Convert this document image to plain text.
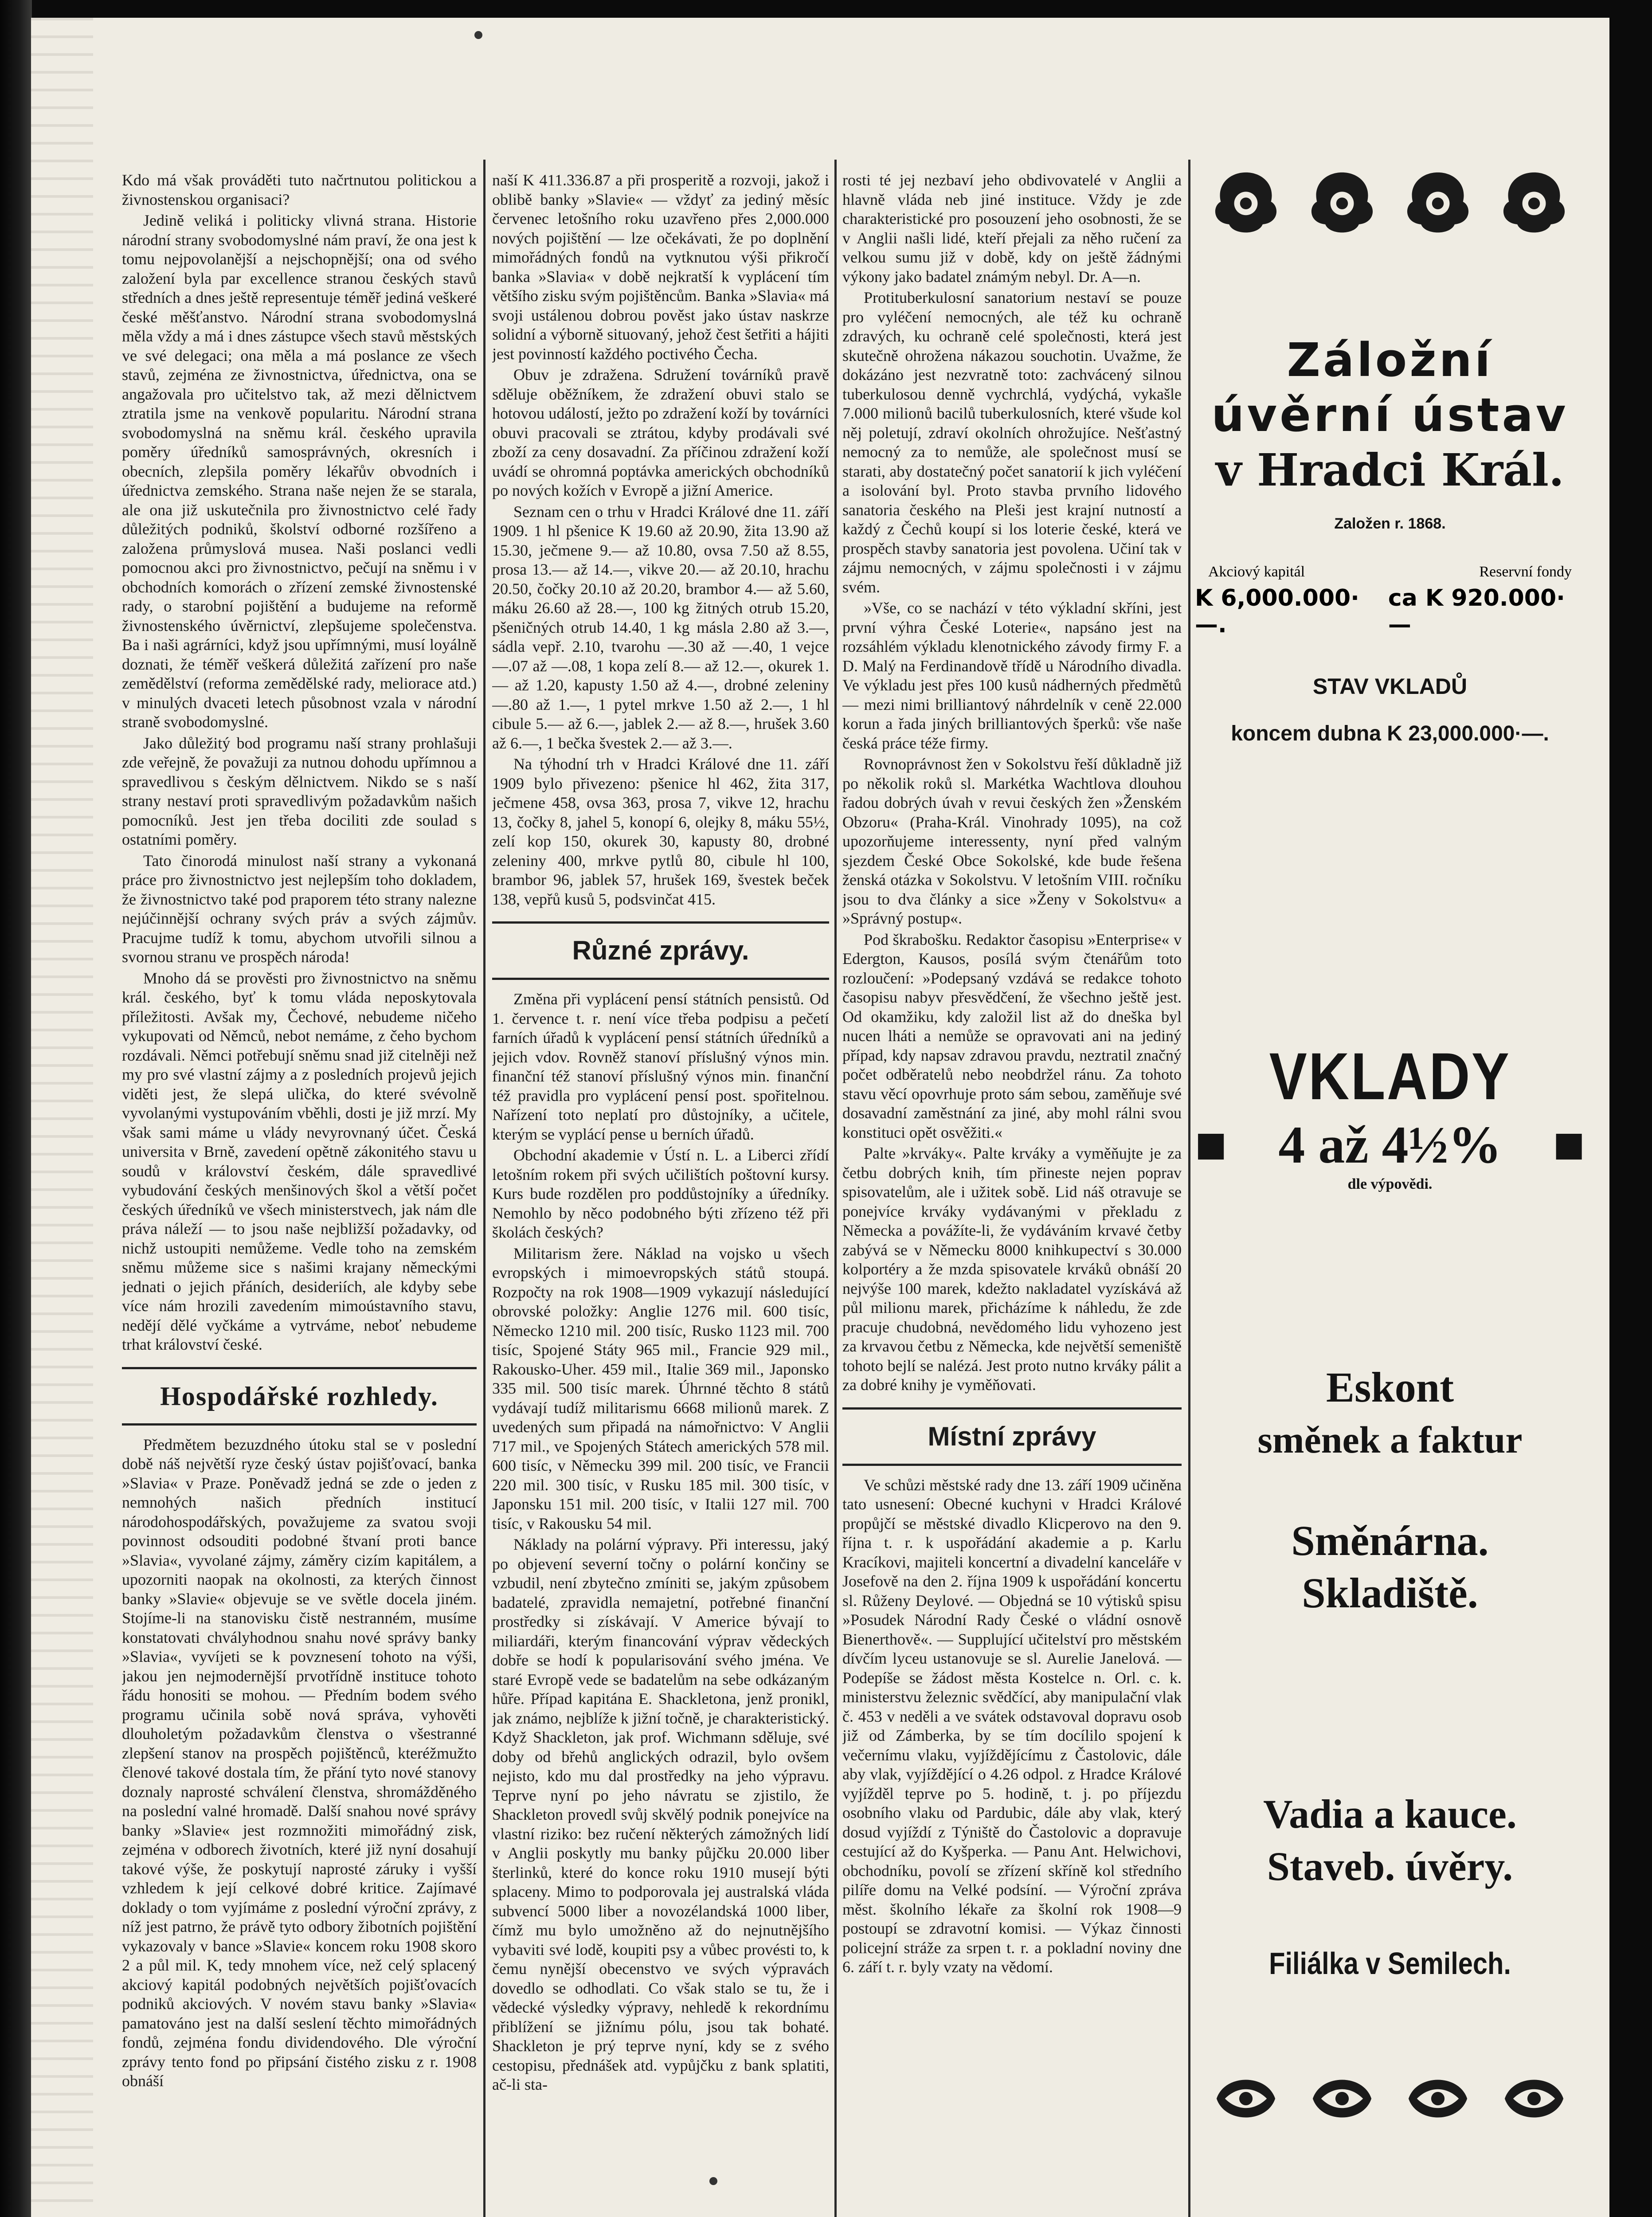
Kdo má však prováděti tuto načrtnutou politickou a živnostenskou organisaci?

Jedině veliká i politicky vlivná strana. Historie národní strany svobodomyslné nám praví, že ona jest k tomu nejpovolanější a nejschopnější; ona od svého založení byla par excellence stranou českých stavů středních a dnes ještě representuje téměř jediná veškeré české měšťanstvo. Národní strana svobodomyslná měla vždy a má i dnes zástupce všech stavů městských ve své delegaci; ona měla a má poslance ze všech stavů, zejména ze živnostnictva, úřednictva, ona se angažovala pro učitelstvo tak, až mezi dělnictvem ztratila jsme na venkově popularitu. Národní strana svobodomyslná na sněmu král. českého upravila poměry úředníků samosprávných, okresních i obecních, zlepšila poměry lékařův obvodních i úřednictva zemského. Strana naše nejen že se starala, ale ona již uskutečnila pro živnostnictvo celé řady důležitých podniků, školství odborné rozšířeno a založena průmyslová musea. Naši poslanci vedli pomocnou akci pro živnostnictvo, pečují na sněmu i v obchodních komorách o zřízení zemské živnostenské rady, o starobní pojištění a budujeme na reformě živnostenského úvěrnictví, zlepšujeme společenstva. Ba i naši agrárníci, když jsou upřímnými, musí loyálně doznati, že téměř veškerá důležitá zařízení pro naše zemědělství (reforma zemědělské rady, meliorace atd.) v minulých dvaceti letech působnost vzala v národní straně svobodomyslné.

Jako důležitý bod programu naší strany prohlašuji zde veřejně, že považuji za nutnou dohodu upřímnou a spravedlivou s českým dělnictvem. Nikdo se s naší strany nestaví proti spravedlivým požadavkům našich pomocníků. Jest jen třeba dociliti zde soulad s ostatními poměry.

Tato činorodá minulost naší strany a vykonaná práce pro živnostnictvo jest nejlepším toho dokladem, že živnostnictvo také pod praporem této strany nalezne nejúčinnější ochrany svých práv a svých zájmův. Pracujme tudíž k tomu, abychom utvořili silnou a svornou stranu ve prospěch národa!

Mnoho dá se prověsti pro živnostnictvo na sněmu král. českého, byť k tomu vláda neposkytovala příležitosti. Avšak my, Čechové, nebudeme ničeho vykupovati od Němců, nebot nemáme, z čeho bychom rozdávali. Němci potřebují sněmu snad již citelněji než my pro své vlastní zájmy a z posledních projevů jejich viděti jest, že slepá ulička, do které svévolně vyvolanými vystupováním vběhli, dosti je již mrzí. My však sami máme u vlády nevyrovnaný účet. Česká universita v Brně, zavedení opětně zákonitého stavu u soudů v království českém, dále spravedlivé vybudování českých menšinových škol a větší počet českých úředníků ve všech ministerstvech, jak nám dle práva náleží — to jsou naše nejbližší požadavky, od nichž ustoupiti nemůžeme. Vedle toho na zemském sněmu můžeme sice s našimi krajany německými jednati o jejich přáních, desideriích, ale kdyby sebe více nám hrozili zavedením mimoústavního stavu, nedějí dělé vyčkáme a vytrváme, neboť nebudeme trhat království české.

Hospodářské rozhledy.

Předmětem bezuzdného útoku stal se v poslední době náš největší ryze český ústav pojišťovací, banka »Slavia« v Praze. Poněvadž jedná se zde o jeden z nemnohých našich předních institucí národohospodářských, považujeme za svatou svoji povinnost odsouditi podobné štvaní proti bance »Slavia«, vyvolané zájmy, záměry cizím kapitálem, a upozorniti naopak na okolnosti, za kterých činnost banky »Slavie« objevuje se ve světle docela jiném. Stojíme-li na stanovisku čistě nestranném, musíme konstatovati chvályhodnou snahu nové správy banky »Slavia«, vyvíjeti se k povznesení tohoto na výši, jakou jen nejmodernější prvotřídně instituce tohoto řádu honositi se mohou. — Předním bodem svého programu učinila sobě nová správa, vyhověti dlouholetým požadavkům členstva o všestranné zlepšení stanov na prospěch pojištěnců, kteréžmužto členové takové dostala tím, že přání tyto nové stanovy doznaly naprosté schválení členstva, shromážděného na poslední valné hromadě. Další snahou nové správy banky »Slavie« jest rozmnožiti mimořádný zisk, zejména v odborech životních, které již nyní dosahují takové výše, že poskytují naprosté záruky i vyšší vzhledem k její celkové dobré kritice. Zajímavé doklady o tom vyjímáme z poslední výroční zprávy, z níž jest patrno, že právě tyto odbory žibotních pojištění vykazovaly v bance »Slavie« koncem roku 1908 skoro 2 a půl mil. K, tedy mnohem více, než celý splacený akciový kapitál podobných největších pojišťovacích podniků akciových. V novém stavu banky »Slavia« pamatováno jest na další seslení těchto mimořádných fondů, zejména fondu dividendového. Dle výroční zprávy tento fond po připsání čistého zisku z r. 1908 obnáší

naší K 411.336.87 a při prosperitě a rozvoji, jakož i oblibě banky »Slavie« — vždyť za jediný měsíc červenec letošního roku uzavřeno přes 2,000.000 nových pojištění — lze očekávati, že po doplnění mimořádných fondů na vytknutou výši přikročí banka »Slavia« v době nejkratší k vyplácení tím většího zisku svým pojištěncům. Banka »Slavia« má svoji ustálenou dobrou pověst jako ústav naskrze solidní a výborně situovaný, jehož čest šetřiti a hájiti jest povinností každého poctivého Čecha.

Obuv je zdražena. Sdružení továrníků pravě sděluje oběžníkem, že zdražení obuvi stalo se hotovou událostí, ježto po zdražení koží by továrníci obuvi pracovali se ztrátou, kdyby prodávali své zboží za ceny dosavadní. Za příčinou zdražení koží uvádí se ohromná poptávka amerických obchodníků po nových kožích v Evropě a jižní Americe.

Seznam cen o trhu v Hradci Králové dne 11. září 1909. 1 hl pšenice K 19.60 až 20.90, žita 13.90 až 15.30, ječmene 9.— až 10.80, ovsa 7.50 až 8.55, prosa 13.— až 14.—, vikve 20.— až 20.10, hrachu 20.50, čočky 20.10 až 20.20, brambor 4.— až 5.60, máku 26.60 až 28.—, 100 kg žitných otrub 15.20, pšeničných otrub 14.40, 1 kg másla 2.80 až 3.—, sádla vepř. 2.10, tvarohu —.30 až —.40, 1 vejce —.07 až —.08, 1 kopa zelí 8.— až 12.—, okurek 1.— až 1.20, kapusty 1.50 až 4.—, drobné zeleniny —.80 až 1.—, 1 pytel mrkve 1.50 až 2.—, 1 hl cibule 5.— až 6.—, jablek 2.— až 8.—, hrušek 3.60 až 6.—, 1 bečka švestek 2.— až 3.—.

Na týhodní trh v Hradci Králové dne 11. září 1909 bylo přivezeno: pšenice hl 462, žita 317, ječmene 458, ovsa 363, prosa 7, vikve 12, hrachu 13, čočky 8, jahel 5, konopí 6, olejky 8, máku 55½, zelí kop 150, okurek 30, kapusty 80, drobné zeleniny 400, mrkve pytlů 80, cibule hl 100, brambor 96, jablek 57, hrušek 169, švestek beček 138, vepřů kusů 5, podsvinčat 415.

Různé zprávy.

Změna při vyplácení pensí státních pensistů. Od 1. července t. r. není více třeba podpisu a pečetí farních úřadů k vyplácení pensí státních úředníků a jejich vdov. Rovněž stanoví příslušný výnos min. finanční též stanoví příslušný výnos min. finanční též pravidla pro vyplácení pensí post. spořitelnou. Nařízení toto neplatí pro důstojníky, a učitele, kterým se vyplácí pense u berních úřadů.

Obchodní akademie v Ústí n. L. a Liberci zřídí letošním rokem při svých učilištích poštovní kursy. Kurs bude rozdělen pro poddůstojníky a úředníky. Nemohlo by něco podobného býti zřízeno též při školách českých?

Militarism žere. Náklad na vojsko u všech evropských i mimoevropských států stoupá. Rozpočty na rok 1908—1909 vykazují následující obrovské položky: Anglie 1276 mil. 600 tisíc, Německo 1210 mil. 200 tisíc, Rusko 1123 mil. 700 tisíc, Spojené Státy 965 mil., Francie 929 mil., Rakousko-Uher. 459 mil., Italie 369 mil., Japonsko 335 mil. 500 tisíc marek. Úhrnné těchto 8 států vydávají tudíž militarismu 6668 milionů marek. Z uvedených sum připadá na námořnictvo: V Anglii 717 mil., ve Spojených Státech amerických 578 mil. 600 tisíc, v Německu 399 mil. 200 tisíc, ve Francii 220 mil. 300 tisíc, v Rusku 185 mil. 300 tisíc, v Japonsku 151 mil. 200 tisíc, v Italii 127 mil. 700 tisíc, v Rakousku 54 mil.

Náklady na polární výpravy. Při interessu, jaký po objevení severní točny o polární končiny se vzbudil, není zbytečno zmíniti se, jakým způsobem badatelé, zpravidla nemajetní, potřebné finanční prostředky si získávají. V Americe bývají to miliardáři, kterým financování výprav vědeckých dobře se hodí k popularisování svého jména. Ve staré Evropě vede se badatelům na sebe odkázaným hůře. Případ kapitána E. Shackletona, jenž pronikl, jak známo, nejblíže k jižní točně, je charakteristický. Když Shackleton, jak prof. Wichmann sděluje, své doby od břehů anglických odrazil, bylo ovšem nejisto, kdo mu dal prostředky na jeho výpravu. Teprve nyní po jeho návratu se zjistilo, že Shackleton provedl svůj skvělý podnik ponejvíce na vlastní riziko: bez ručení některých zámožných lidí v Anglii poskytly mu banky půjčku 20.000 liber šterlinků, které do konce roku 1910 musejí býti splaceny. Mimo to podporovala jej australská vláda subvencí 5000 liber a novozélandská 1000 liber, čímž mu bylo umožněno až do nejnutnějšího vybaviti své lodě, koupiti psy a vůbec provésti to, k čemu nynější obecenstvo ve svých výpravách dovedlo se odhodlati. Co však stalo se tu, že i vědecké výsledky výpravy, nehledě k rekordnímu přiblížení se jižnímu pólu, jsou tak bohaté. Shackleton je prý teprve nyní, kdy se z svého cestopisu, přednášek atd. vypůjčku z bank splatiti, ač-li sta-

rosti té jej nezbaví jeho obdivovatelé v Anglii a hlavně vláda neb jiné instituce. Vždy je zde charakteristické pro posouzení jeho osobnosti, že se v Anglii našli lidé, kteří přejali za něho ručení za velkou sumu již v době, kdy on ještě žádnými výkony jako badatel známým nebyl. Dr. A—n.

Protituberkulosní sanatorium nestaví se pouze pro vyléčení nemocných, ale též ku ochraně zdravých, ku ochraně celé společnosti, která jest skutečně ohrožena nákazou souchotin. Uvažme, že dokázáno jest nezvratně toto: zachvácený silnou tuberkulosou denně vychrchlá, vydýchá, vykašle 7.000 milionů bacilů tuberkulosních, které všude kol něj poletují, zdraví okolních ohrožujíce. Nešťastný nemocný za to nemůže, ale společnost musí se starati, aby dostatečný počet sanatorií k jich vyléčení a isolování byl. Proto stavba prvního lidového sanatoria českého na Pleši jest krajní nutností a každý z Čechů koupí si los loterie české, která ve prospěch stavby sanatoria jest povolena. Učiní tak v zájmu nemocných, v zájmu společnosti i v zájmu svém.

»Vše, co se nachází v této výkladní skříni, jest první výhra České Loterie«, napsáno jest na rozsáhlém výkladu klenotnického závody firmy F. a D. Malý na Ferdinandově třídě u Národního divadla. Ve výkladu jest přes 100 kusů nádherných předmětů — mezi nimi brilliantový náhrdelník v ceně 22.000 korun a řada jiných brilliantových šperků: vše naše česká práce téže firmy.

Rovnoprávnost žen v Sokolstvu řeší důkladně již po několik roků sl. Markétka Wachtlova dlouhou řadou dobrých úvah v revui českých žen »Ženském Obzoru« (Praha-Král. Vinohrady 1095), na což upozorňujeme interessenty, nyní před valným sjezdem České Obce Sokolské, kde bude řešena ženská otázka v Sokolstvu. V letošním VIII. ročníku jsou to dva články a sice »Ženy v Sokolstvu« a »Správný postup«.

Pod škrabošku. Redaktor časopisu »Enterprise« v Edergton, Kausos, posílá svým čtenářům toto rozloučení: »Podepsaný vzdává se redakce tohoto časopisu nabyv přesvědčení, že všechno ještě jest. Od okamžiku, kdy založil list až do dneška byl nucen lháti a nemůže se opravovati ani na jediný případ, kdy napsav zdravou pravdu, neztratil značný počet odběratelů nebo neobdržel ránu. Za tohoto stavu věcí opovrhuje proto sám sebou, zaměňuje své dosavadní zaměstnání za jiné, aby mohl rálni svou konstituci opět osvěžiti.«

Palte »krváky«. Palte krváky a vyměňujte je za četbu dobrých knih, tím přineste nejen poprav spisovatelům, ale i užitek sobě. Lid náš otravuje se ponejvíce krváky vydávanými v překladu z Německa a povážíte-li, že vydáváním krvavé četby zabývá se v Německu 8000 knihkupectví s 30.000 kolportéry a že mzda spisovatele krváků obnáší 20 nejvýše 100 marek, kdežto nakladatel vyzískává až půl milionu marek, přicházíme k náhledu, že zde pracuje chudobná, nevědomého lidu vyhozeno jest za krvavou četbu z Německa, kde největší semeniště tohoto bejlí se nalézá. Jest proto nutno krváky pálit a za dobré knihy je vyměňovati.

Místní zprávy

Ve schůzi městské rady dne 13. září 1909 učiněna tato usnesení: Obecné kuchyni v Hradci Králové propůjčí se městské divadlo Klicperovo na den 9. října t. r. k uspořádání akademie a p. Karlu Kracíkovi, majiteli koncertní a divadelní kanceláře v Josefově na den 2. října 1909 k uspořádání koncertu sl. Růženy Deylové. — Objedná se 10 výtisků spisu »Posudek Národní Rady České o vládní osnově Bienerthově«. — Supplující učitelství pro městském dívčím lyceu ustanovuje se sl. Aurelie Janelová. — Podepíše se žádost města Kostelce n. Orl. c. k. ministerstvu železnic svědčící, aby manipulační vlak č. 453 v neděli a ve svátek odstavoval dopravu osob již od Zámberka, by se tím docílilo spojení k večernímu vlaku, vyjíždějícímu z Častolovic, dále aby vlak, vyjíždějící o 4.26 odpol. z Hradce Králové vyjížděl teprve po 5. hodině, t. j. po příjezdu osobního vlaku od Pardubic, dále aby vlak, který dosud vyjíždí z Týniště do Častolovic a dopravuje cestující až do Kyšperka. — Panu Ant. Helwichovi, obchodníku, povolí se zřízení skříně kol středního pilíře domu na Velké podsíní. — Výroční zpráva měst. školního lékaře za školní rok 1908—9 postoupí se zdravotní komisi. — Výkaz činnosti policejní stráže za srpen t. r. a pokladní noviny dne 6. září t. r. byly vzaty na vědomí.

Záložní
úvěrní ústav
v Hradci Král.
Založen r. 1868.
Akciový kapitál	Reservní fondy
K 6,000.000·—.
ca K 920.000·—
STAV VKLADŮ
koncem dubna K 23,000.000·—.
VKLADY
■ 4 až 4½% ■
dle výpovědi.
Eskont
směnek a faktur
Směnárna.
Skladiště.
Vadia a kauce.
Staveb. úvěry.
Filiálka v Semilech.
